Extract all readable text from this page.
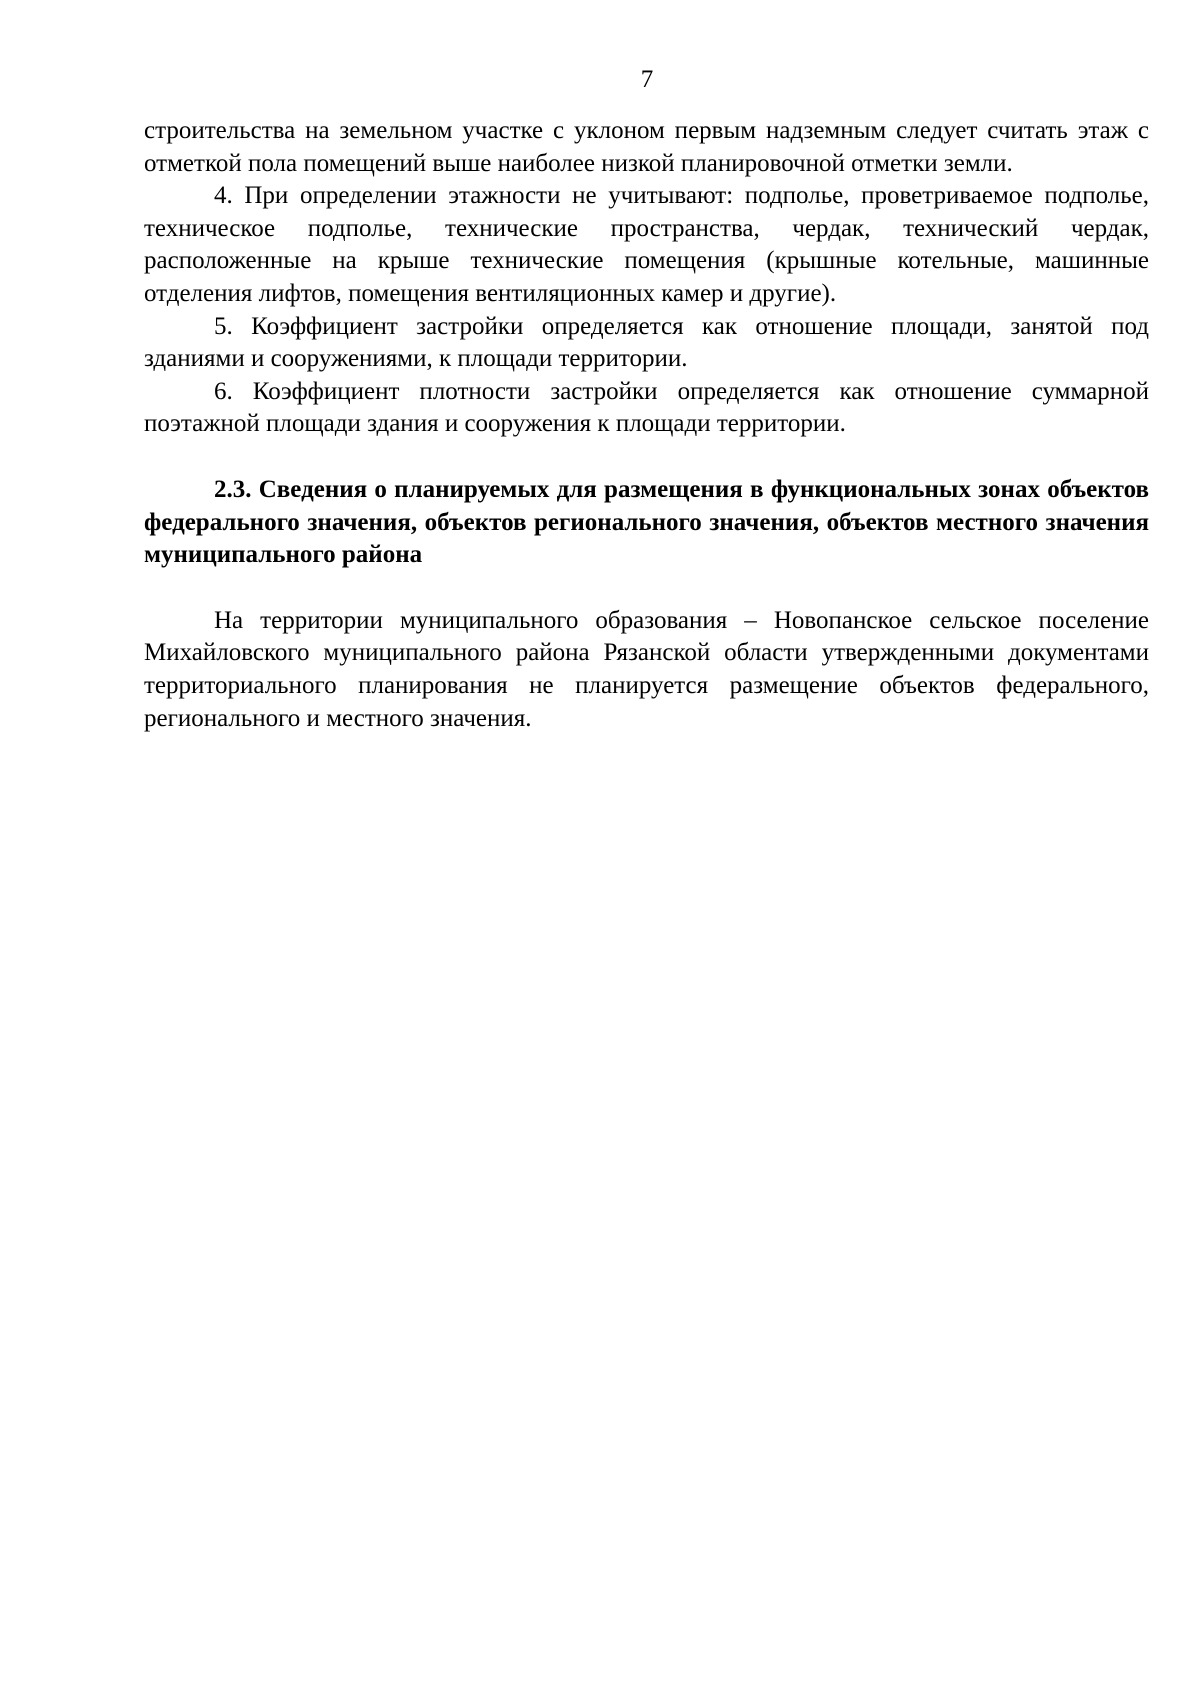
7

строительства на земельном участке с уклоном первым надземным следует считать этаж с отметкой пола помещений выше наиболее низкой планировочной отметки земли.

4. При определении этажности не учитывают: подполье, проветриваемое подполье, техническое подполье, технические пространства, чердак, технический чердак, расположенные на крыше технические помещения (крышные котельные, машинные отделения лифтов, помещения вентиляционных камер и другие).

5. Коэффициент застройки определяется как отношение площади, занятой под зданиями и сооружениями, к площади территории.

6. Коэффициент плотности застройки определяется как отношение суммарной поэтажной площади здания и сооружения к площади территории.

2.3. Сведения о планируемых для размещения в функциональных зонах объектов федерального значения, объектов регионального значения, объектов местного значения муниципального района

На территории муниципального образования – Новопанское сельское поселение Михайловского муниципального района Рязанской области утвержденными документами территориального планирования не планируется размещение объектов федерального, регионального и местного значения.
